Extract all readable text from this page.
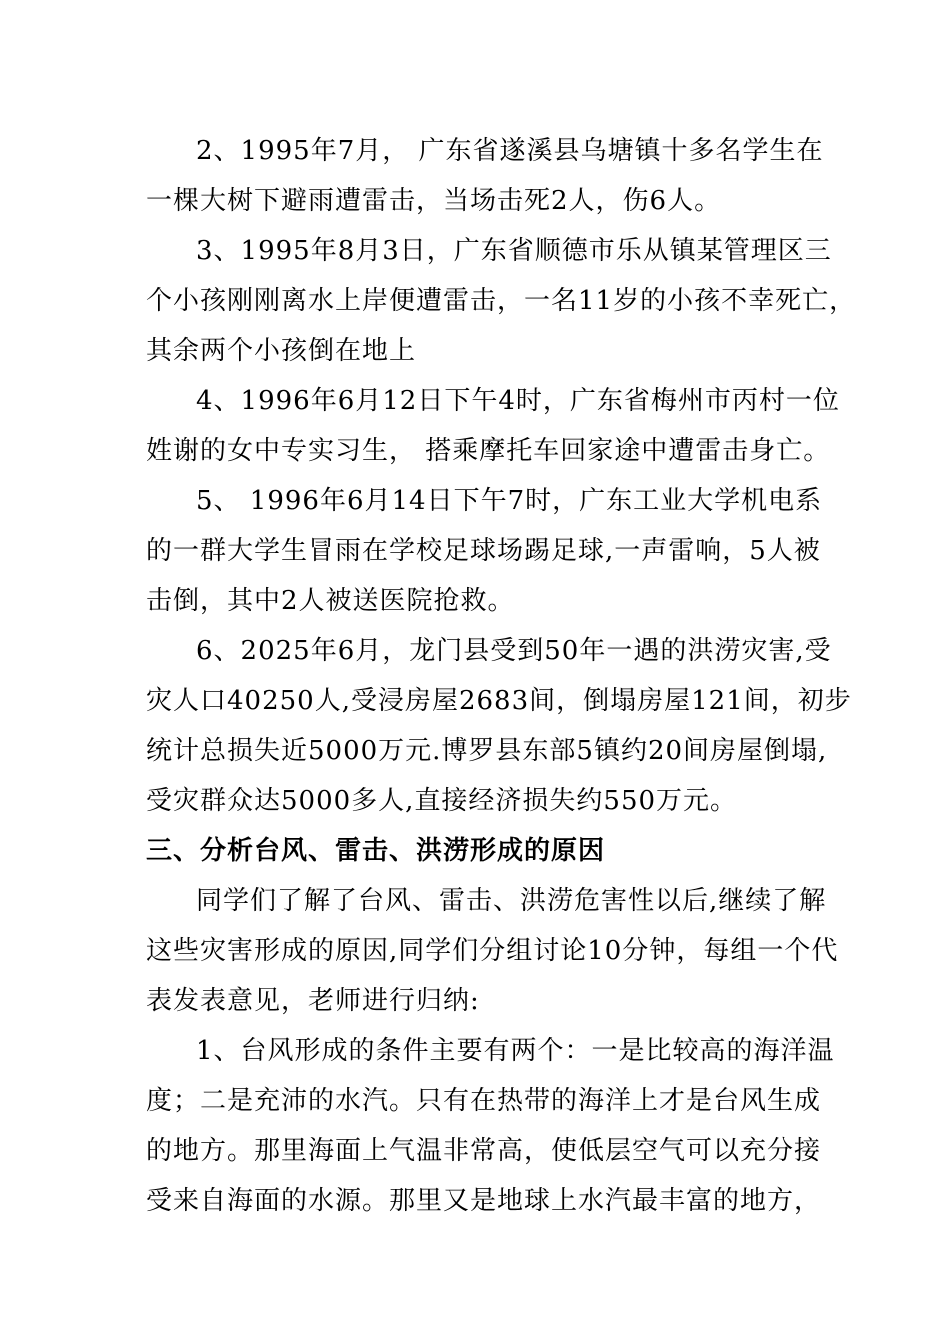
2、1995年7月， 广东省遂溪县乌塘镇十多名学生在
一棵大树下避雨遭雷击，当场击死2人，伤6人。
3、1995年8月3日，广东省顺德市乐从镇某管理区三
个小孩刚刚离水上岸便遭雷击，一名11岁的小孩不幸死亡，
其余两个小孩倒在地上
4、1996年6月12日下午4时，广东省梅州市丙村一位
姓谢的女中专实习生， 搭乘摩托车回家途中遭雷击身亡。
5、 1996年6月14日下午7时，广东工业大学机电系
的一群大学生冒雨在学校足球场踢足球,一声雷响，5人被
击倒，其中2人被送医院抢救。
6、2025年6月，龙门县受到50年一遇的洪涝灾害,受
灾人口40250人,受浸房屋2683间，倒塌房屋121间，初步
统计总损失近5000万元.博罗县东部5镇约20间房屋倒塌,
受灾群众达5000多人,直接经济损失约550万元。
三、分析台风、雷击、洪涝形成的原因
同学们了解了台风、雷击、洪涝危害性以后,继续了解
这些灾害形成的原因,同学们分组讨论10分钟，每组一个代
表发表意见，老师进行归纳:
1、台风形成的条件主要有两个：一是比较高的海洋温
度；二是充沛的水汽。只有在热带的海洋上才是台风生成
的地方。那里海面上气温非常高，使低层空气可以充分接
受来自海面的水源。那里又是地球上水汽最丰富的地方，
